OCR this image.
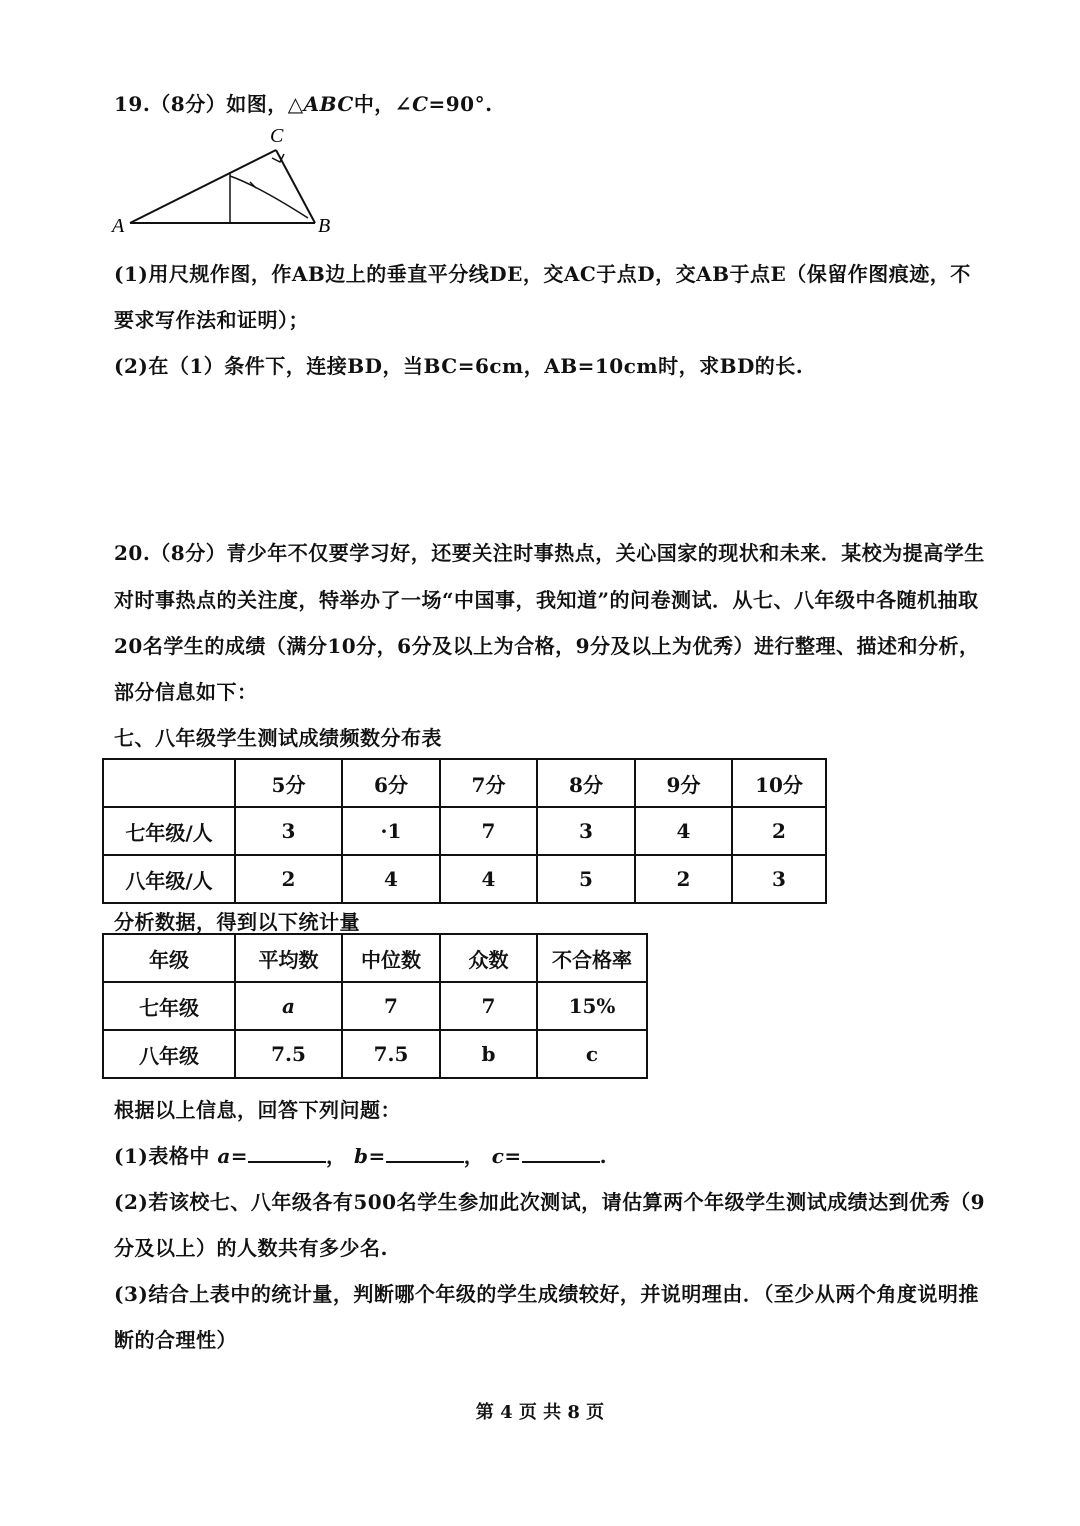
19.（8分）如图，△ABC中，∠C=90°.
A	B
C
(1)用尺规作图，作AB边上的垂直平分线DE，交AC于点D，交AB于点E（保留作图痕迹，不
要求写作法和证明）；
(2)在（1）条件下，连接BD，当BC=6cm，AB=10cm时，求BD的长.
20.（8分）青少年不仅要学习好，还要关注时事热点，关心国家的现状和未来．某校为提高学生
对时事热点的关注度，特举办了一场“中国事，我知道”的问卷测试．从七、八年级中各随机抽取
20名学生的成绩（满分10分，6分及以上为合格，9分及以上为优秀）进行整理、描述和分析，
部分信息如下：
七、八年级学生测试成绩频数分布表
	5分	6分	7分	8分	9分	10分
七年级/人	3	·1	7	3	4	2
八年级/人	2	4	4	5	2	3
分析数据，得到以下统计量
年级	平均数	中位数	众数	不合格率
七年级	a	7	7	15%
八年级	7.5	7.5	b	c
根据以上信息，回答下列问题：
(1)表格中 a=	， b=	， c=	.
(2)若该校七、八年级各有500名学生参加此次测试，请估算两个年级学生测试成绩达到优秀（9
分及以上）的人数共有多少名.
(3)结合上表中的统计量，判断哪个年级的学生成绩较好，并说明理由．（至少从两个角度说明推
断的合理性）
第 4 页 共 8 页
